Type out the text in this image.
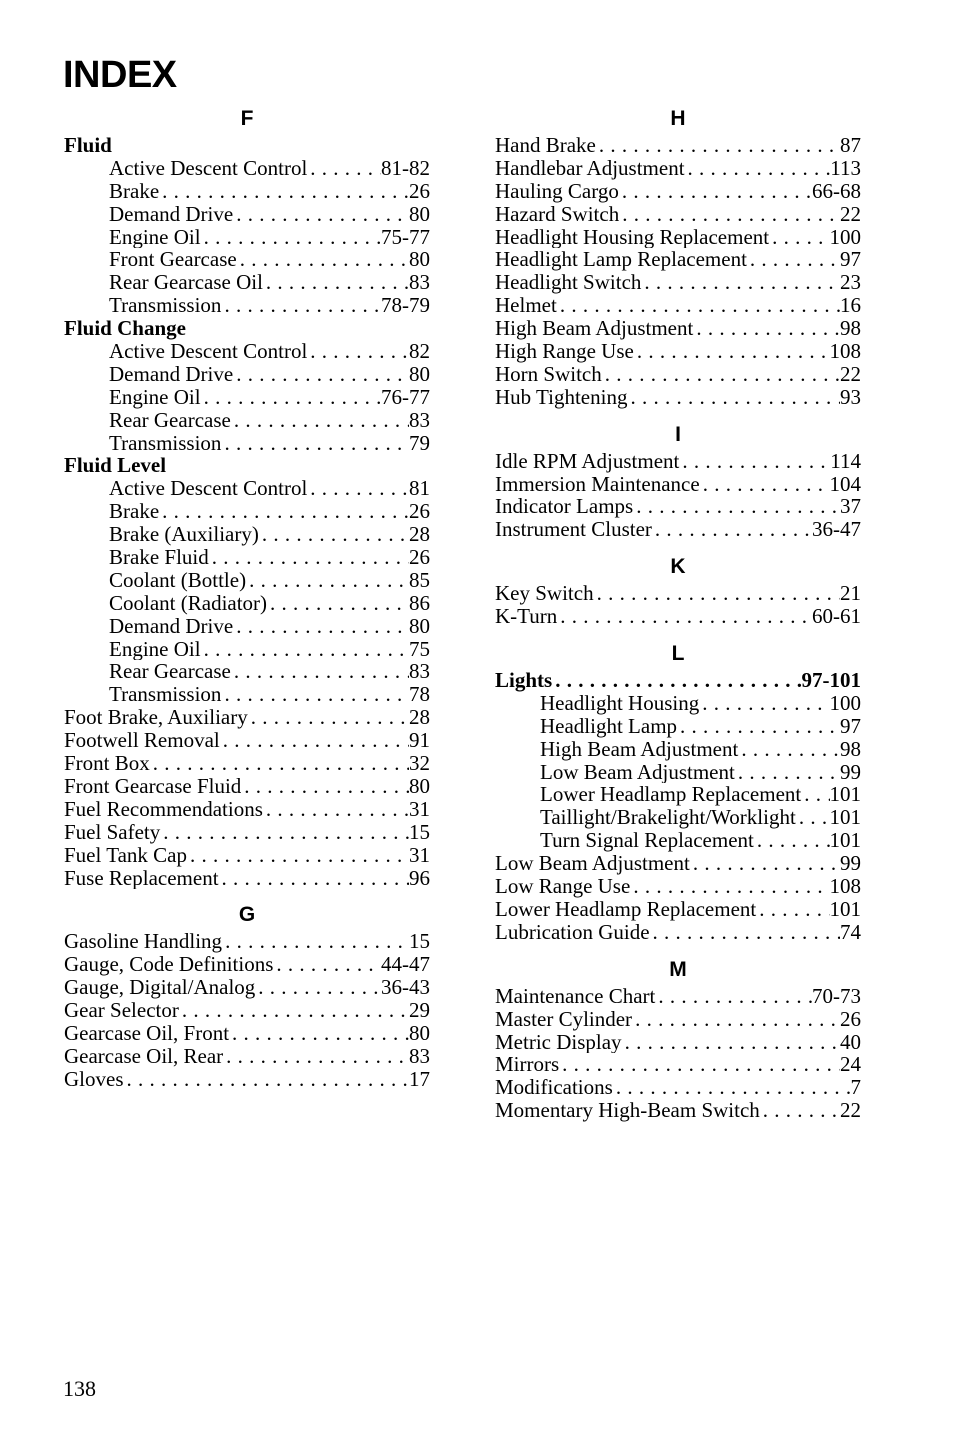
INDEX
F
Fluid
Active Descent Control . . .	81-82
Brake . . .	26
Demand Drive . . .	80
Engine Oil . . .	75-77
Front Gearcase . . .	80
Rear Gearcase Oil . . .	83
Transmission . . .	78-79
Fluid Change
Active Descent Control . . .	82
Demand Drive . . .	80
Engine Oil . . .	76-77
Rear Gearcase . . .	83
Transmission . . .	79
Fluid Level
Active Descent Control . . .	81
Brake . . .	26
Brake (Auxiliary) . . .	28
Brake Fluid . . .	26
Coolant (Bottle) . . .	85
Coolant (Radiator) . . .	86
Demand Drive . . .	80
Engine Oil . . .	75
Rear Gearcase . . .	83
Transmission . . .	78
Foot Brake, Auxiliary . . .	28
Footwell Removal . . .	91
Front Box . . .	32
Front Gearcase Fluid . . .	80
Fuel Recommendations . . .	31
Fuel Safety . . .	15
Fuel Tank Cap . . .	31
Fuse Replacement . . .	96
G
Gasoline Handling . . .	15
Gauge, Code Definitions . . .	44-47
Gauge, Digital/Analog . . .	36-43
Gear Selector . . .	29
Gearcase Oil, Front . . .	80
Gearcase Oil, Rear . . .	83
Gloves . . .	17
H
Hand Brake . . .	87
Handlebar Adjustment . . .	113
Hauling Cargo . . .	66-68
Hazard Switch . . .	22
Headlight Housing Replacement . . .	100
Headlight Lamp Replacement . . .	97
Headlight Switch . . .	23
Helmet . . .	16
High Beam Adjustment . . .	98
High Range Use . . .	108
Horn Switch . . .	22
Hub Tightening . . .	93
I
Idle RPM Adjustment . . .	114
Immersion Maintenance . . .	104
Indicator Lamps . . .	37
Instrument Cluster . . .	36-47
K
Key Switch . . .	21
K-Turn . . .	60-61
L
Lights . . .	97-101
Headlight Housing . . .	100
Headlight Lamp . . .	97
High Beam Adjustment . . .	98
Low Beam Adjustment . . .	99
Lower Headlamp Replacement . . . 101
Taillight/Brakelight/Worklight . . . 101
Turn Signal Replacement . . .	101
Low Beam Adjustment . . .	99
Low Range Use . . .	108
Lower Headlamp Replacement . . .	101
Lubrication Guide . . .	74
M
Maintenance Chart . . .	70-73
Master Cylinder . . .	26
Metric Display . . .	40
Mirrors . . .	24
Modifications . . .	7
Momentary High-Beam Switch . . .	22
138
